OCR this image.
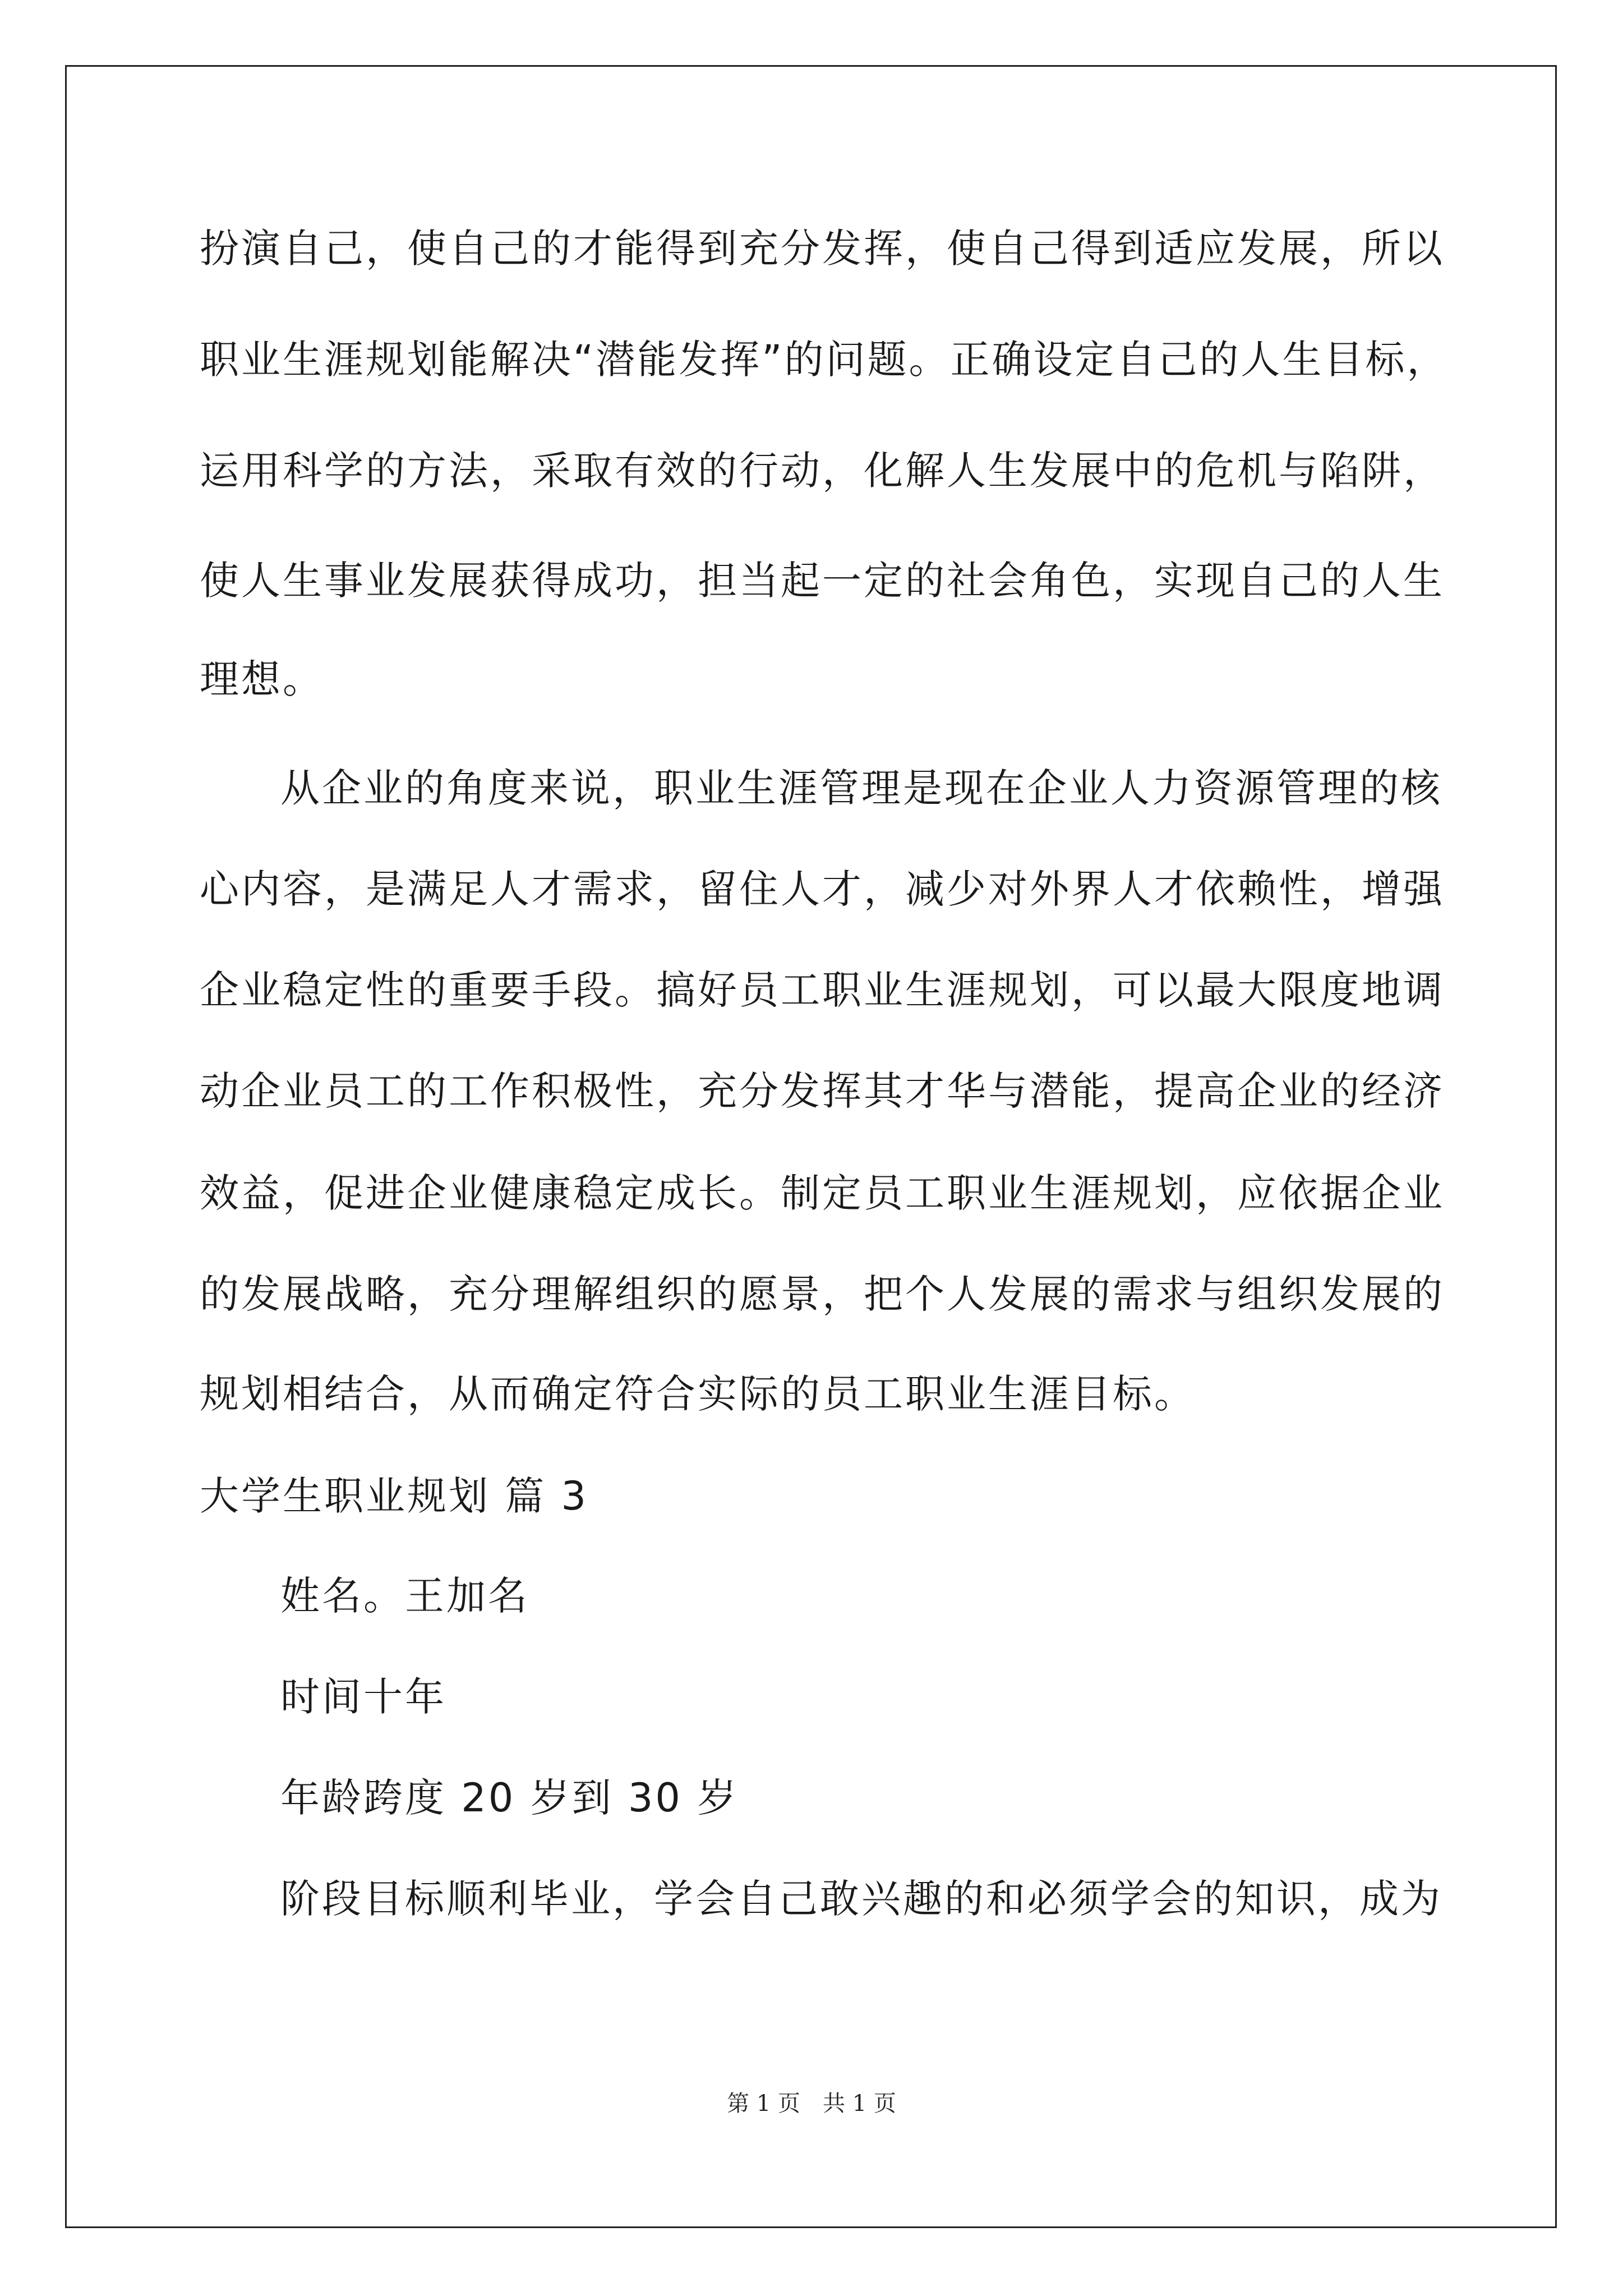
扮演自己，使自己的才能得到充分发挥，使自己得到适应发展，所以
职业生涯规划能解决“潜能发挥”的问题。正确设定自己的人生目标，
运用科学的方法，采取有效的行动，化解人生发展中的危机与陷阱，
使人生事业发展获得成功，担当起一定的社会角色，实现自己的人生
理想。
从企业的角度来说，职业生涯管理是现在企业人力资源管理的核
心内容，是满足人才需求，留住人才，减少对外界人才依赖性，增强
企业稳定性的重要手段。搞好员工职业生涯规划，可以最大限度地调
动企业员工的工作积极性，充分发挥其才华与潜能，提高企业的经济
效益，促进企业健康稳定成长。制定员工职业生涯规划，应依据企业
的发展战略，充分理解组织的愿景，把个人发展的需求与组织发展的
规划相结合，从而确定符合实际的员工职业生涯目标。
大学生职业规划 篇 3
姓名。王加名
时间十年
年龄跨度 20 岁到 30 岁
阶段目标顺利毕业，学会自己敢兴趣的和必须学会的知识，成为
第 1 页　共 1 页
